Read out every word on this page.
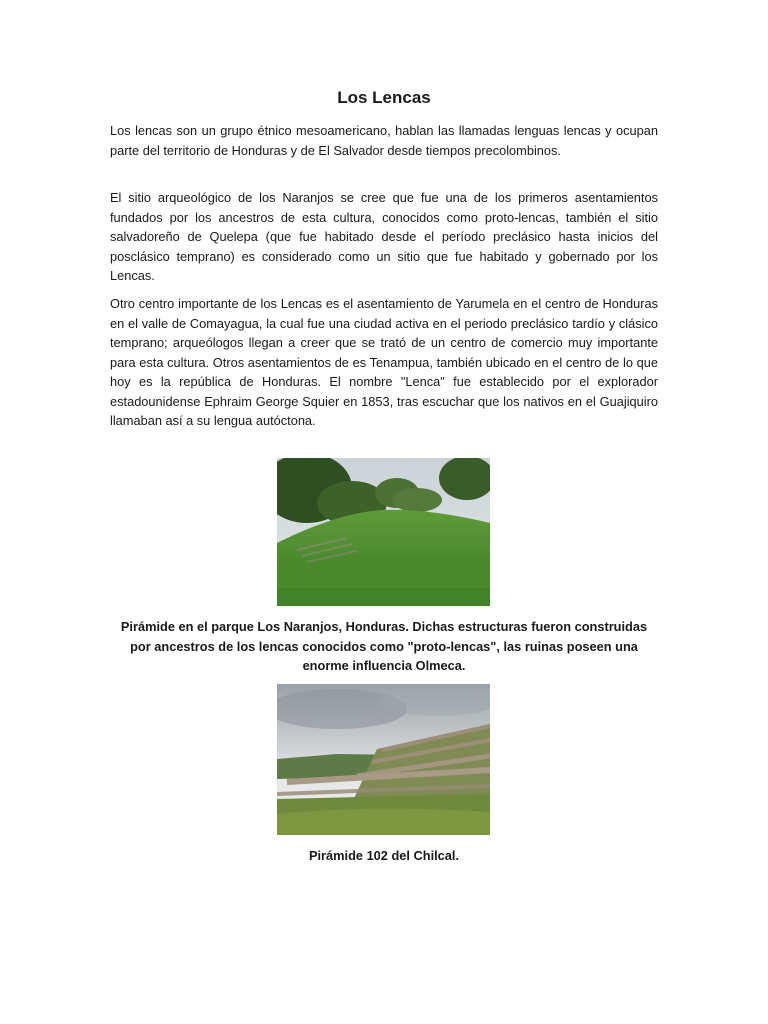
Los Lencas

Los lencas son un grupo étnico mesoamericano, hablan las llamadas lenguas lencas y ocupan parte del territorio de Honduras y de El Salvador desde tiempos precolombinos.

El sitio arqueológico de los Naranjos se cree que fue una de los primeros asentamientos fundados por los ancestros de esta cultura, conocidos como proto-lencas, también el sitio salvadoreño de Quelepa (que fue habitado desde el período preclásico hasta inicios del posclásico temprano) es considerado como un sitio que fue habitado y gobernado por los Lencas.

Otro centro importante de los Lencas es el asentamiento de Yarumela en el centro de Honduras en el valle de Comayagua, la cual fue una ciudad activa en el periodo preclásico tardío y clásico temprano; arqueólogos llegan a creer que se trató de un centro de comercio muy importante para esta cultura. Otros asentamientos de es Tenampua, también ubicado en el centro de lo que hoy es la república de Honduras. El nombre "Lenca" fue establecido por el explorador estadounidense Ephraim George Squier en 1853, tras escuchar que los nativos en el Guajiquiro llamaban así a su lengua autóctona.

Pirámide en el parque Los Naranjos, Honduras. Dichas estructuras fueron construidas por ancestros de los lencas conocidos como "proto-lencas", las ruinas poseen una enorme influencia Olmeca.

Pirámide 102 del Chilcal.
